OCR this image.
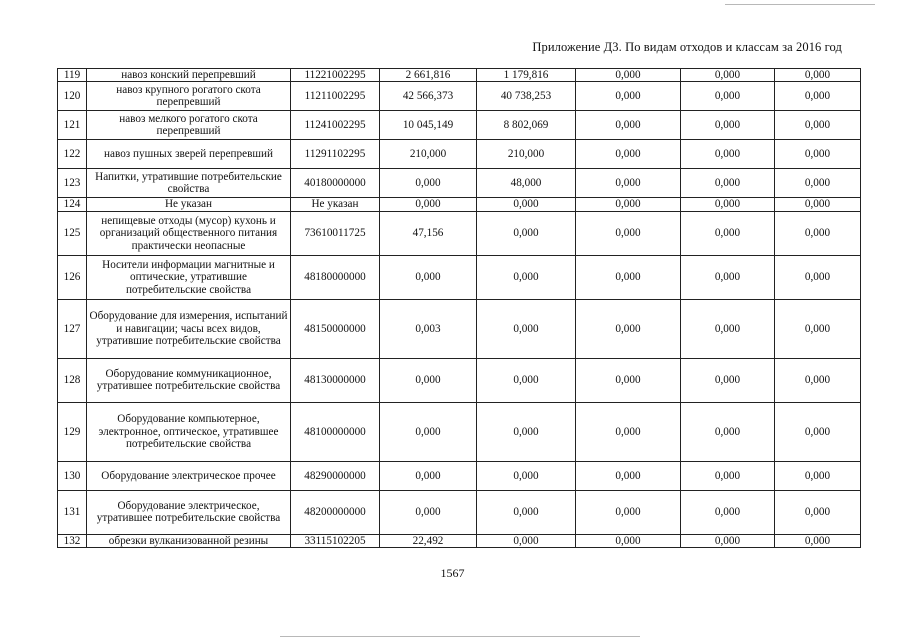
Приложение Д3. По видам отходов и классам за 2016 год
119	навоз конский перепревший	11221002295	2 661,816	1 179,816	0,000	0,000	0,000
120	навоз крупного рогатого скота перепревший	11211002295	42 566,373	40 738,253	0,000	0,000	0,000
121	навоз мелкого рогатого скота перепревший	11241002295	10 045,149	8 802,069	0,000	0,000	0,000
122	навоз пушных зверей перепревший	11291102295	210,000	210,000	0,000	0,000	0,000
123	Напитки, утратившие потребительские свойства	40180000000	0,000	48,000	0,000	0,000	0,000
124	Не указан	Не указан	0,000	0,000	0,000	0,000	0,000
125	непищевые отходы (мусор) кухонь и организаций общественного питания практически неопасные	73610011725	47,156	0,000	0,000	0,000	0,000
126	Носители информации магнитные и оптические, утратившие потребительские свойства	48180000000	0,000	0,000	0,000	0,000	0,000
127	Оборудование для измерения, испытаний и навигации; часы всех видов, утратившие потребительские свойства	48150000000	0,003	0,000	0,000	0,000	0,000
128	Оборудование коммуникационное, утратившее потребительские свойства	48130000000	0,000	0,000	0,000	0,000	0,000
129	Оборудование компьютерное, электронное, оптическое, утратившее потребительские свойства	48100000000	0,000	0,000	0,000	0,000	0,000
130	Оборудование электрическое прочее	48290000000	0,000	0,000	0,000	0,000	0,000
131	Оборудование электрическое, утратившее потребительские свойства	48200000000	0,000	0,000	0,000	0,000	0,000
132	обрезки вулканизованной резины	33115102205	22,492	0,000	0,000	0,000	0,000
1567
